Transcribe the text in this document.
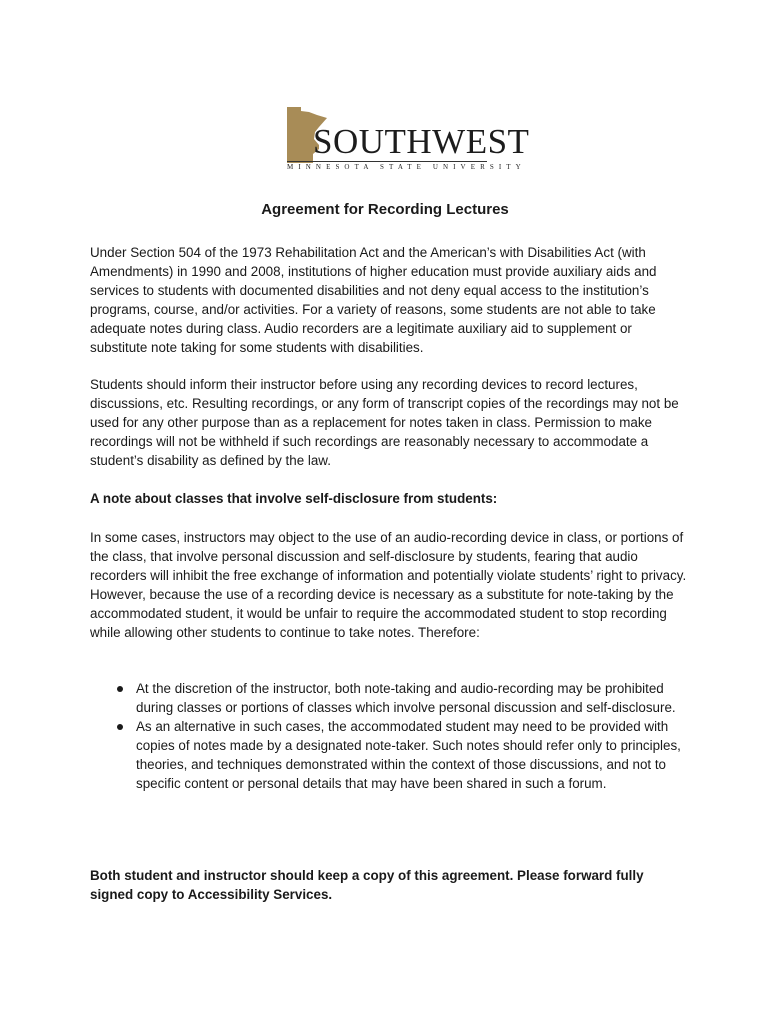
SOUTHWEST
MINNESOTA STATE UNIVERSITY
Agreement for Recording Lectures

Under Section 504 of the 1973 Rehabilitation Act and the American’s with Disabilities Act (with Amendments) in 1990 and 2008, institutions of higher education must provide auxiliary aids and services to students with documented disabilities and not deny equal access to the institution’s programs, course, and/or activities. For a variety of reasons, some students are not able to take adequate notes during class. Audio recorders are a legitimate auxiliary aid to supplement or substitute note taking for some students with disabilities.

Students should inform their instructor before using any recording devices to record lectures, discussions, etc. Resulting recordings, or any form of transcript copies of the recordings may not be used for any other purpose than as a replacement for notes taken in class. Permission to make recordings will not be withheld if such recordings are reasonably necessary to accommodate a student’s disability as defined by the law.

A note about classes that involve self-disclosure from students:

In some cases, instructors may object to the use of an audio-recording device in class, or portions of the class, that involve personal discussion and self-disclosure by students, fearing that audio recorders will inhibit the free exchange of information and potentially violate students’ right to privacy. However, because the use of a recording device is necessary as a substitute for note-taking by the accommodated student, it would be unfair to require the accommodated student to stop recording while allowing other students to continue to take notes. Therefore:

At the discretion of the instructor, both note-taking and audio-recording may be prohibited during classes or portions of classes which involve personal discussion and self-disclosure.
As an alternative in such cases, the accommodated student may need to be provided with copies of notes made by a designated note-taker. Such notes should refer only to principles, theories, and techniques demonstrated within the context of those discussions, and not to specific content or personal details that may have been shared in such a forum.

Both student and instructor should keep a copy of this agreement. Please forward fully signed copy to Accessibility Services.
